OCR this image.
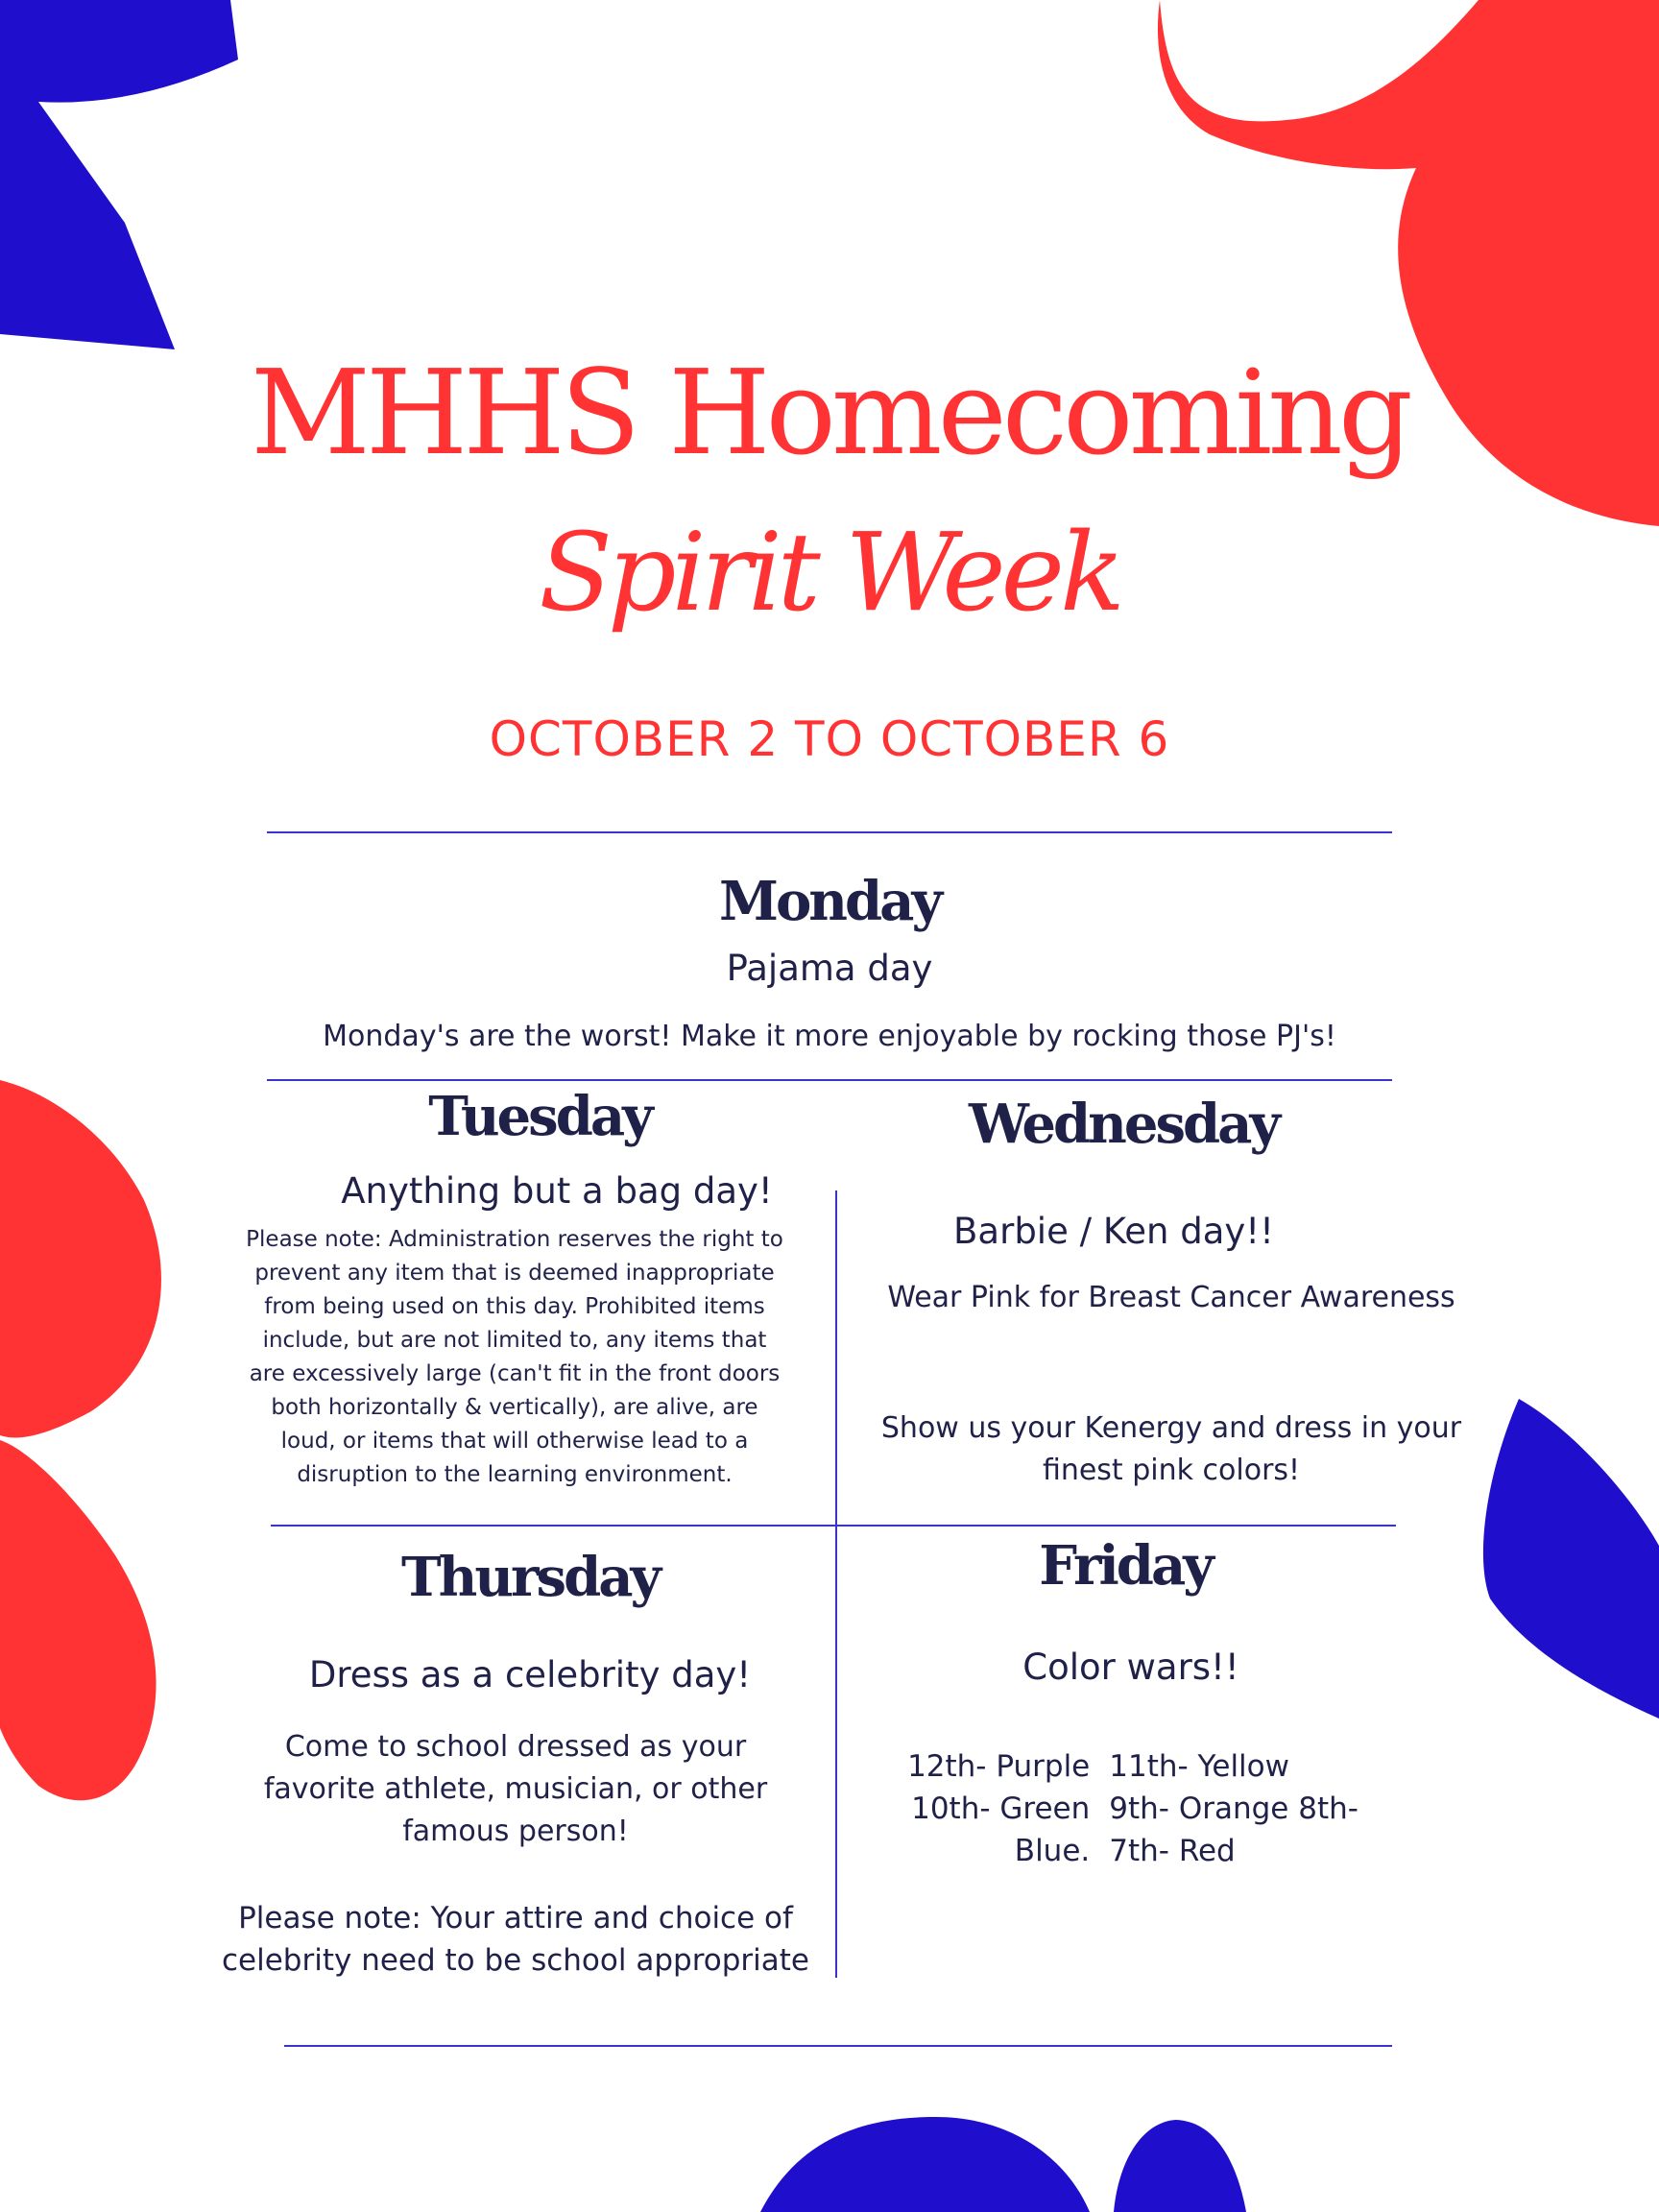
MHHS Homecoming
Spirit Week
OCTOBER 2 TO OCTOBER 6
Monday
Pajama day
Monday's are the worst! Make it more enjoyable by rocking those PJ's!
Tuesday
Anything but a bag day!
Please note: Administration reserves the right to prevent any item that is deemed inappropriate from being used on this day. Prohibited items include, but are not limited to, any items that are excessively large (can't fit in the front doors both horizontally & vertically), are alive, are loud, or items that will otherwise lead to a disruption to the learning environment.
Wednesday
Barbie / Ken day!!
Wear Pink for Breast Cancer Awareness
Show us your Kenergy and dress in your finest pink colors!
Thursday
Dress as a celebrity day!
Come to school dressed as your favorite athlete, musician, or other famous person!
Please note: Your attire and choice of celebrity need to be school appropriate
Friday
Color wars!!
12th- Purple	11th- Yellow
10th- Green	9th- Orange 8th-
Blue.	7th- Red
